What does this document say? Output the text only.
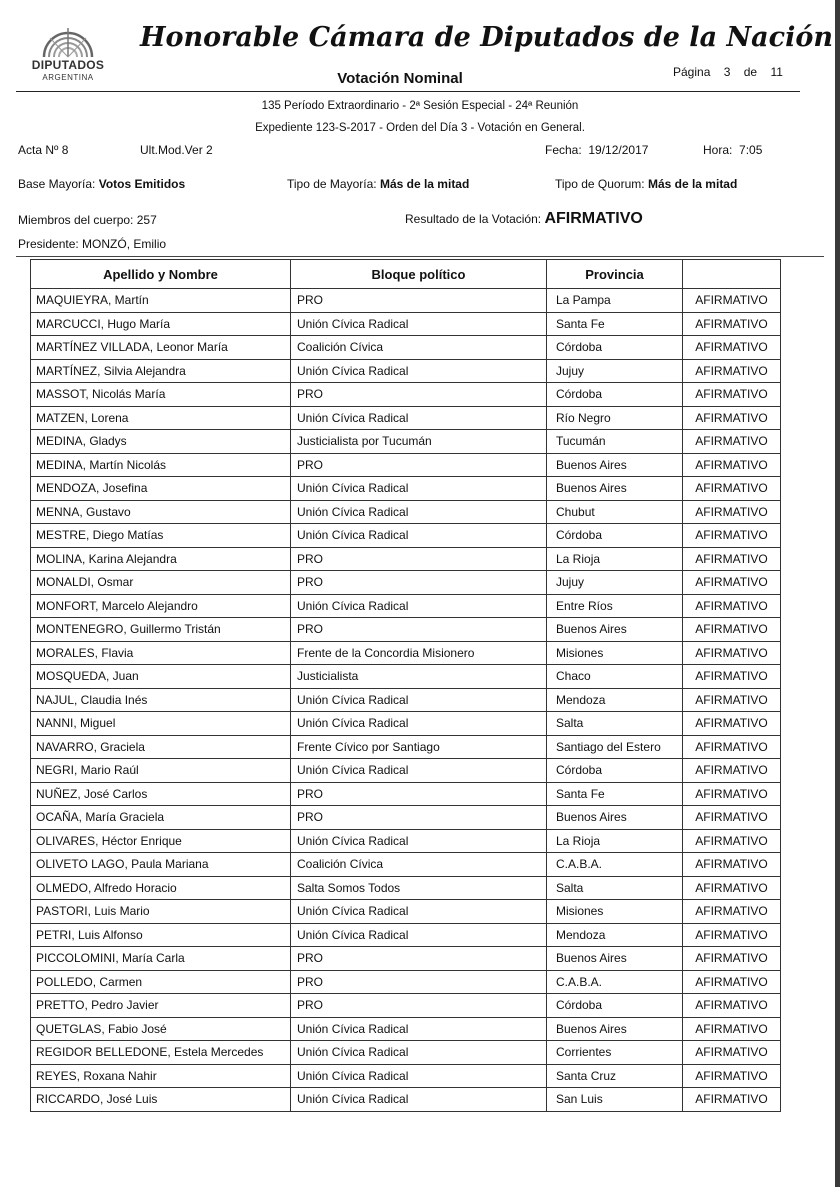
DIPUTADOS
ARGENTINA
Honorable Cámara de Diputados de la Nación
Votación Nominal	Página 3 de 11
135 Período Extraordinario - 2ª Sesión Especial - 24ª Reunión
Expediente 123-S-2017 - Orden del Día 3 - Votación en General.
Acta Nº 8	Ult.Mod.Ver 2	Fecha: 19/12/2017	Hora: 7:05
Base Mayoría: Votos Emitidos	Tipo de Mayoría: Más de la mitad	Tipo de Quorum: Más de la mitad
Miembros del cuerpo: 257	Resultado de la Votación: AFIRMATIVO
Presidente: MONZÓ, Emilio
Apellido y Nombre	Bloque político	Provincia	
MAQUIEYRA, Martín	PRO	La Pampa	AFIRMATIVO
MARCUCCI, Hugo María	Unión Cívica Radical	Santa Fe	AFIRMATIVO
MARTÍNEZ VILLADA, Leonor María	Coalición Cívica	Córdoba	AFIRMATIVO
MARTÍNEZ, Silvia Alejandra	Unión Cívica Radical	Jujuy	AFIRMATIVO
MASSOT, Nicolás María	PRO	Córdoba	AFIRMATIVO
MATZEN, Lorena	Unión Cívica Radical	Río Negro	AFIRMATIVO
MEDINA, Gladys	Justicialista por Tucumán	Tucumán	AFIRMATIVO
MEDINA, Martín Nicolás	PRO	Buenos Aires	AFIRMATIVO
MENDOZA, Josefina	Unión Cívica Radical	Buenos Aires	AFIRMATIVO
MENNA, Gustavo	Unión Cívica Radical	Chubut	AFIRMATIVO
MESTRE, Diego Matías	Unión Cívica Radical	Córdoba	AFIRMATIVO
MOLINA, Karina Alejandra	PRO	La Rioja	AFIRMATIVO
MONALDI, Osmar	PRO	Jujuy	AFIRMATIVO
MONFORT, Marcelo Alejandro	Unión Cívica Radical	Entre Ríos	AFIRMATIVO
MONTENEGRO, Guillermo Tristán	PRO	Buenos Aires	AFIRMATIVO
MORALES, Flavia	Frente de la Concordia Misionero	Misiones	AFIRMATIVO
MOSQUEDA, Juan	Justicialista	Chaco	AFIRMATIVO
NAJUL, Claudia Inés	Unión Cívica Radical	Mendoza	AFIRMATIVO
NANNI, Miguel	Unión Cívica Radical	Salta	AFIRMATIVO
NAVARRO, Graciela	Frente Cívico por Santiago	Santiago del Estero	AFIRMATIVO
NEGRI, Mario Raúl	Unión Cívica Radical	Córdoba	AFIRMATIVO
NUÑEZ, José Carlos	PRO	Santa Fe	AFIRMATIVO
OCAÑA, María Graciela	PRO	Buenos Aires	AFIRMATIVO
OLIVARES, Héctor Enrique	Unión Cívica Radical	La Rioja	AFIRMATIVO
OLIVETO LAGO, Paula Mariana	Coalición Cívica	C.A.B.A.	AFIRMATIVO
OLMEDO, Alfredo Horacio	Salta Somos Todos	Salta	AFIRMATIVO
PASTORI, Luis Mario	Unión Cívica Radical	Misiones	AFIRMATIVO
PETRI, Luis Alfonso	Unión Cívica Radical	Mendoza	AFIRMATIVO
PICCOLOMINI, María Carla	PRO	Buenos Aires	AFIRMATIVO
POLLEDO, Carmen	PRO	C.A.B.A.	AFIRMATIVO
PRETTO, Pedro Javier	PRO	Córdoba	AFIRMATIVO
QUETGLAS, Fabio José	Unión Cívica Radical	Buenos Aires	AFIRMATIVO
REGIDOR BELLEDONE, Estela Mercedes	Unión Cívica Radical	Corrientes	AFIRMATIVO
REYES, Roxana Nahir	Unión Cívica Radical	Santa Cruz	AFIRMATIVO
RICCARDO, José Luis	Unión Cívica Radical	San Luis	AFIRMATIVO
